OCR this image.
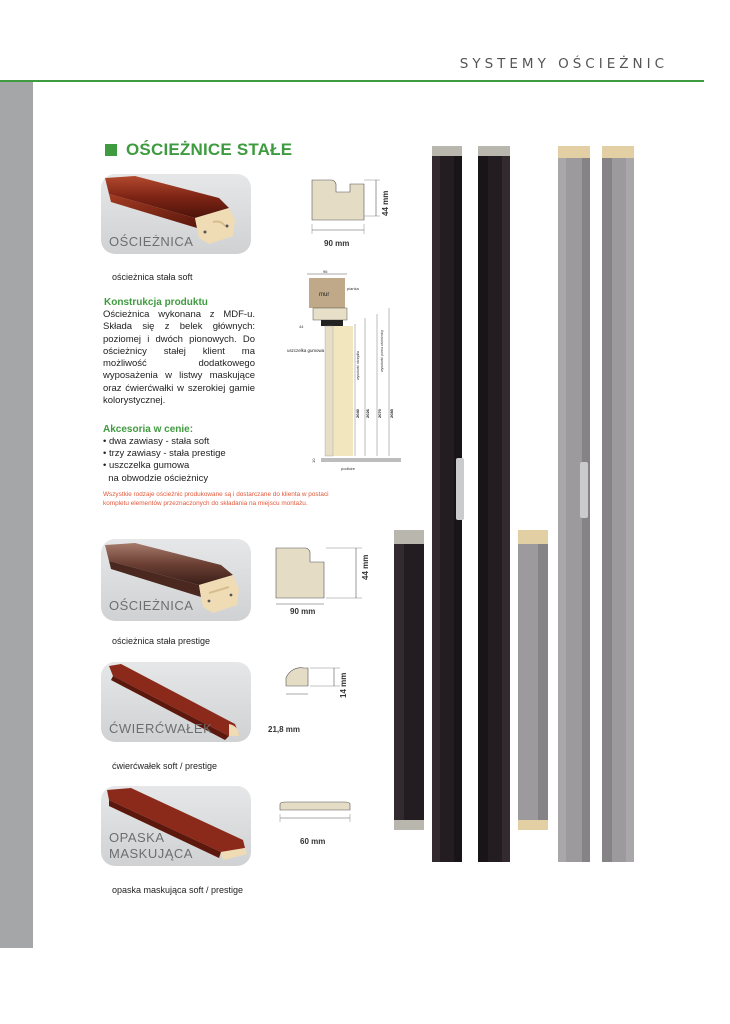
SYSTEMY OŚCIEŻNIC
OŚCIEŻNICE STAŁE
OŚCIEŻNICA
ościeżnica stała soft
90 mm
44 mm
Konstrukcja produktu
Ościeżnica wykonana z MDF-u. Składa się z belek głównych: poziomej i dwóch pionowych. Do ościeżnicy stałej klient ma możliwość dodatkowego wyposażenia w listwy maskujące oraz ćwierćwałki w szerokiej gamie kolorystycznej.
Akcesoria w cenie:
• dwa zawiasy - stała soft
• trzy zawiasy - stała prestige
• uszczelka gumowa
na obwodzie ościeżnicy
Wszystkie rodzaje ościeżnic produkowane są i dostarczane do klienta w postaci kompletu elementów przeznaczonych do składania na miejscu montażu.
96
mur
pianka
44
uszczelka gumowa
wysokość skrzydła	wysokość pomu ościeżnicy
2040 2026 2070 2085
10
podłoże
OŚCIEŻNICA
ościeżnica stała prestige
90 mm
44 mm
ĆWIERĆWAŁEK
ćwierćwałek soft / prestige
21,8 mm
14 mm
OPASKA
MASKUJĄCA
opaska maskująca soft / prestige
60 mm
